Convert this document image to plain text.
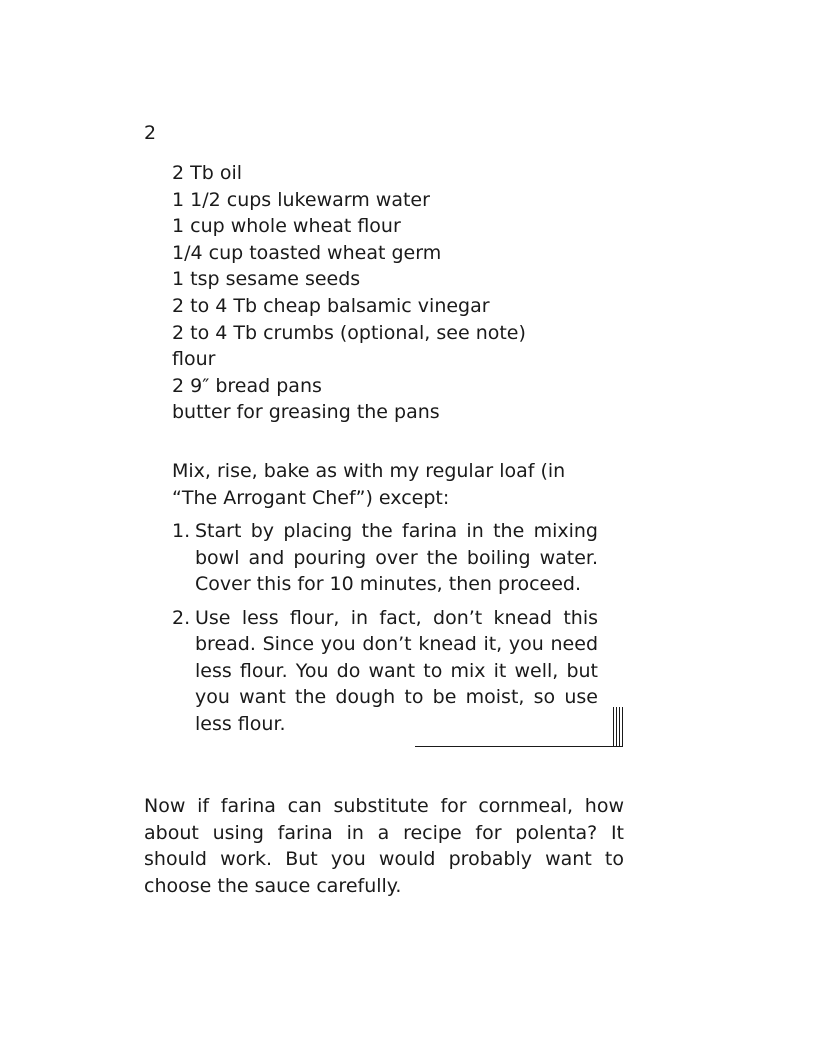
2
2 Tb oil
1 1/2 cups lukewarm water
1 cup whole wheat flour
1/4 cup toasted wheat germ
1 tsp sesame seeds
2 to 4 Tb cheap balsamic vinegar
2 to 4 Tb crumbs (optional, see note)
flour
2 9″ bread pans
butter for greasing the pans

Mix, rise, bake as with my regular loaf (in “The Arrogant Chef”) except:

1. Start by placing the farina in the mixing bowl and pouring over the boiling water. Cover this for 10 minutes, then proceed.
2. Use less flour, in fact, don’t knead this bread. Since you don’t knead it, you need less flour. You do want to mix it well, but you want the dough to be moist, so use less flour.

Now if farina can substitute for cornmeal, how about using farina in a recipe for polenta? It should work. But you would probably want to choose the sauce carefully.
